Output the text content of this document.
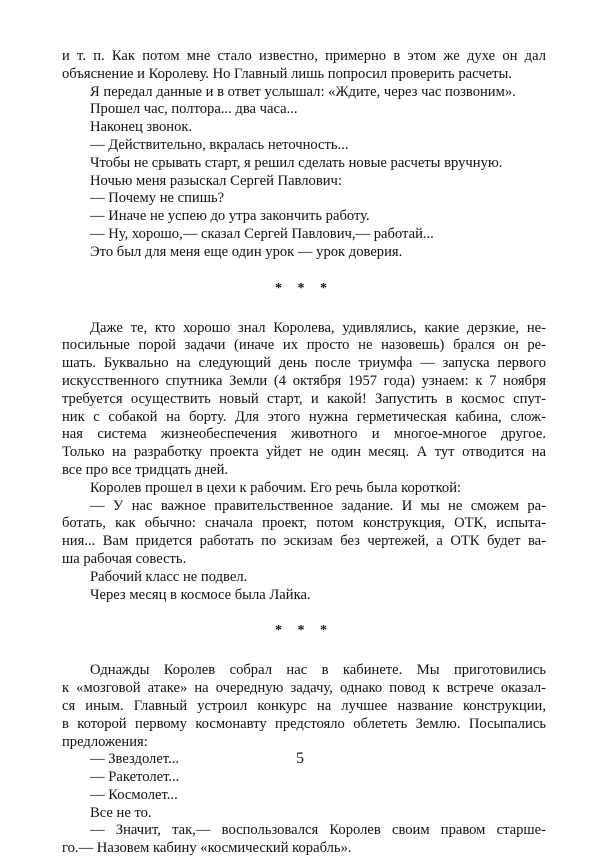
и т. п. Как потом мне стало известно, примерно в этом же духе он дал
объяснение и Королеву. Но Главный лишь попросил проверить расчеты.
Я передал данные и в ответ услышал: «Ждите, через час позвоним».
Прошел час, полтора... два часа...
Наконец звонок.
— Действительно, вкралась неточность...
Чтобы не срывать старт, я решил сделать новые расчеты вручную.
Ночью меня разыскал Сергей Павлович:
— Почему не спишь?
— Иначе не успею до утра закончить работу.
— Ну, хорошо,— сказал Сергей Павлович,— работай...
Это был для меня еще один урок — урок доверия.
* * *
Даже те, кто хорошо знал Королева, удивлялись, какие дерзкие, не-
посильные порой задачи (иначе их просто не назовешь) брался он ре-
шать. Буквально на следующий день после триумфа — запуска первого
искусственного спутника Земли (4 октября 1957 года) узнаем: к 7 ноября
требуется осуществить новый старт, и какой! Запустить в космос спут-
ник с собакой на борту. Для этого нужна герметическая кабина, слож-
ная система жизнеобеспечения животного и многое-многое другое.
Только на разработку проекта уйдет не один месяц. А тут отводится на
все про все тридцать дней.
Королев прошел в цехи к рабочим. Его речь была короткой:
— У нас важное правительственное задание. И мы не сможем ра-
ботать, как обычно: сначала проект, потом конструкция, ОТК, испыта-
ния... Вам придется работать по эскизам без чертежей, а ОТК будет ва-
ша рабочая совесть.
Рабочий класс не подвел.
Через месяц в космосе была Лайка.
* * *
Однажды Королев собрал нас в кабинете. Мы приготовились
к «мозговой атаке» на очередную задачу, однако повод к встрече оказал-
ся иным. Главный устроил конкурс на лучшее название конструкции,
в которой первому космонавту предстояло облететь Землю. Посыпались
предложения:
— Звездолет...
— Ракетолет...
— Космолет...
Все не то.
— Значит, так,— воспользовался Королев своим правом старше-
го.— Назовем кабину «космический корабль».
5
